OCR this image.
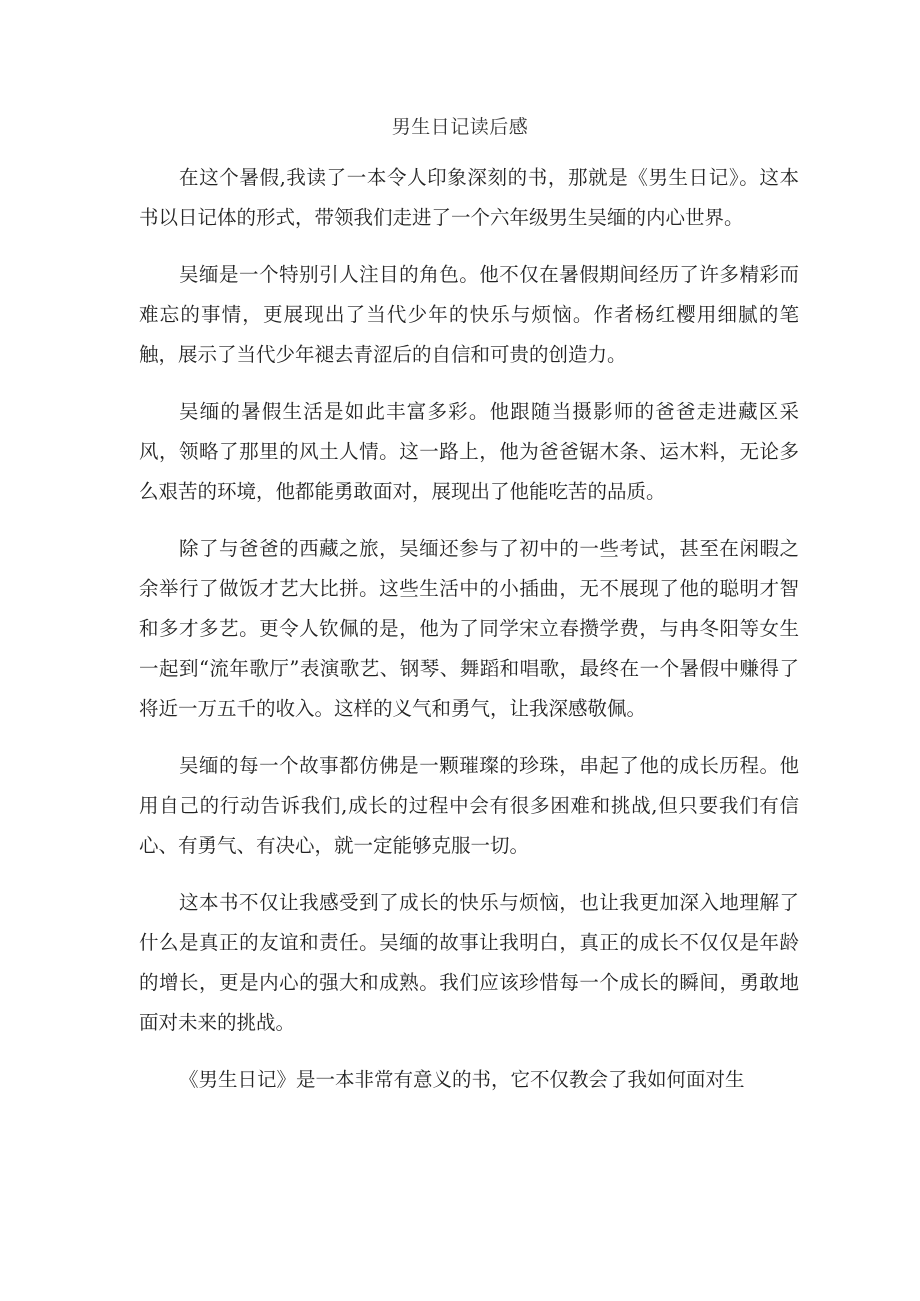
男生日记读后感

在这个暑假,我读了一本令人印象深刻的书，那就是《男生日记》。这本书以日记体的形式，带领我们走进了一个六年级男生吴缅的内心世界。

吴缅是一个特别引人注目的角色。他不仅在暑假期间经历了许多精彩而难忘的事情，更展现出了当代少年的快乐与烦恼。作者杨红樱用细腻的笔触，展示了当代少年褪去青涩后的自信和可贵的创造力。

吴缅的暑假生活是如此丰富多彩。他跟随当摄影师的爸爸走进藏区采风，领略了那里的风土人情。这一路上，他为爸爸锯木条、运木料，无论多么艰苦的环境，他都能勇敢面对，展现出了他能吃苦的品质。

除了与爸爸的西藏之旅，吴缅还参与了初中的一些考试，甚至在闲暇之余举行了做饭才艺大比拼。这些生活中的小插曲，无不展现了他的聪明才智和多才多艺。更令人钦佩的是，他为了同学宋立春攒学费，与冉冬阳等女生一起到“流年歌厅”表演歌艺、钢琴、舞蹈和唱歌，最终在一个暑假中赚得了将近一万五千的收入。这样的义气和勇气，让我深感敬佩。

吴缅的每一个故事都仿佛是一颗璀璨的珍珠，串起了他的成长历程。他用自己的行动告诉我们,成长的过程中会有很多困难和挑战,但只要我们有信心、有勇气、有决心，就一定能够克服一切。

这本书不仅让我感受到了成长的快乐与烦恼，也让我更加深入地理解了什么是真正的友谊和责任。吴缅的故事让我明白，真正的成长不仅仅是年龄的增长，更是内心的强大和成熟。我们应该珍惜每一个成长的瞬间，勇敢地面对未来的挑战。

《男生日记》是一本非常有意义的书，它不仅教会了我如何面对生
